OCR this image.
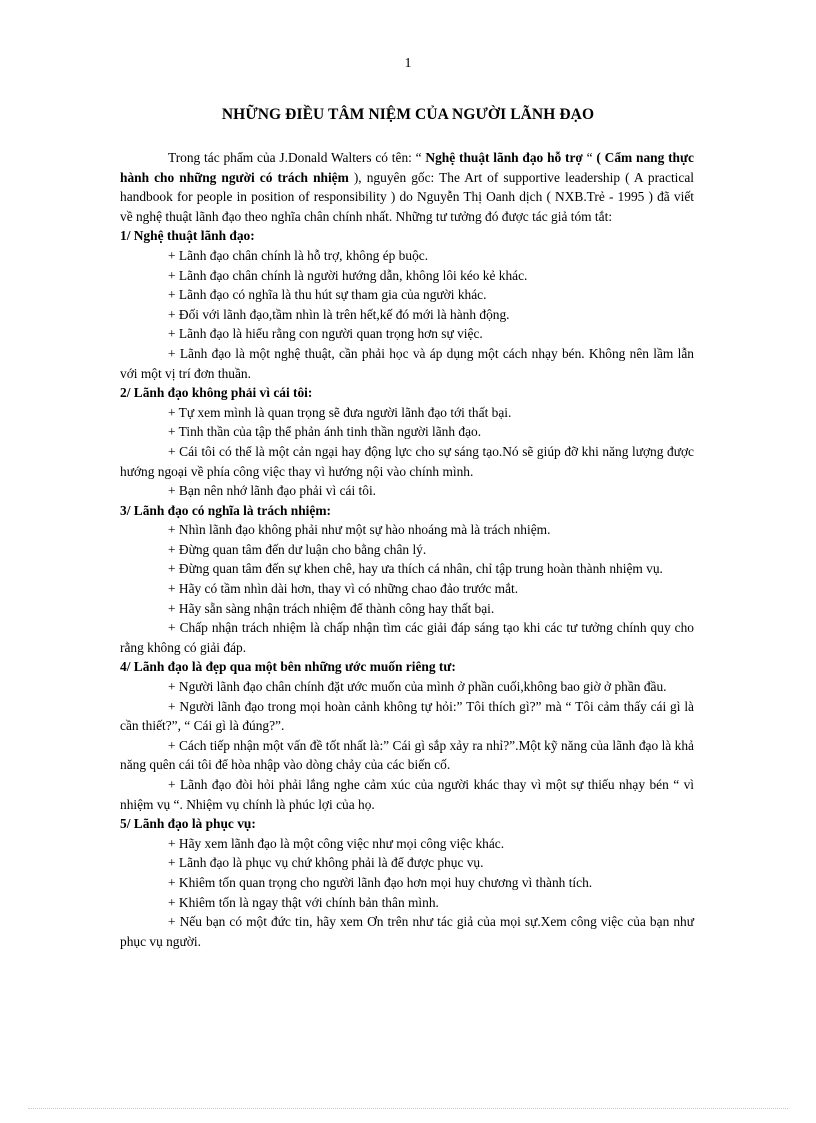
1
NHỮNG ĐIỀU TÂM NIỆM CỦA NGƯỜI LÃNH ĐẠO

Trong tác phẩm của J.Donald Walters có tên: “ Nghệ thuật lãnh đạo hỗ trợ “ ( Cẩm nang thực hành cho những người có trách nhiệm ), nguyên gốc: The Art of supportive leadership ( A practical handbook for people in position of responsibility ) do Nguyễn Thị Oanh dịch ( NXB.Trẻ - 1995 ) đã viết về nghệ thuật lãnh đạo theo nghĩa chân chính nhất. Những tư tưởng đó được tác giả tóm tắt:

1/ Nghệ thuật lãnh đạo:

+ Lãnh đạo chân chính là hỗ trợ, không ép buộc.

+ Lãnh đạo chân chính là người hướng dẫn, không lôi kéo kẻ khác.

+ Lãnh đạo có nghĩa là thu hút sự tham gia của người khác.

+ Đối với lãnh đạo,tầm nhìn là trên hết,kế đó mới là hành động.

+ Lãnh đạo là hiểu rằng con người quan trọng hơn sự việc.

+ Lãnh đạo là một nghệ thuật, cần phải học và áp dụng một cách nhạy bén. Không nên lầm lẫn với một vị trí đơn thuần.

2/ Lãnh đạo không phải vì cái tôi:

+ Tự xem mình là quan trọng sẽ đưa người lãnh đạo tới thất bại.

+ Tinh thần của tập thể phản ánh tinh thần người lãnh đạo.

+ Cái tôi có thể là một cản ngại hay động lực cho sự sáng tạo.Nó sẽ giúp đỡ khi năng lượng được hướng ngoại về phía công việc thay vì hướng nội vào chính mình.

+ Bạn nên nhớ lãnh đạo phải vì cái tôi.

3/ Lãnh đạo có nghĩa là trách nhiệm:

+ Nhìn lãnh đạo không phải như một sự hào nhoáng mà là trách nhiệm.

+ Đừng quan tâm đến dư luận cho bằng chân lý.

+ Đừng quan tâm đến sự khen chê, hay ưa thích cá nhân, chỉ tập trung hoàn thành nhiệm vụ.

+ Hãy có tầm nhìn dài hơn, thay vì có những chao đảo trước mắt.

+ Hãy sẵn sàng nhận trách nhiệm để thành công hay thất bại.

+ Chấp nhận trách nhiệm là chấp nhận tìm các giải đáp sáng tạo khi các tư tưởng chính quy cho rằng không có giải đáp.

4/ Lãnh đạo là đẹp qua một bên những ước muốn riêng tư:

+ Người lãnh đạo chân chính đặt ước muốn của mình ở phần cuối,không bao giờ ở phần đầu.

+ Người lãnh đạo trong mọi hoàn cảnh không tự hỏi:” Tôi thích gì?” mà “ Tôi cảm thấy cái gì là cần thiết?”, “ Cái gì là đúng?”.

+ Cách tiếp nhận một vấn đề tốt nhất là:” Cái gì sắp xảy ra nhỉ?”.Một kỹ năng của lãnh đạo là khả năng quên cái tôi để hòa nhập vào dòng chảy của các biến cố.

+ Lãnh đạo đòi hỏi phải lắng nghe cảm xúc của người khác thay vì một sự thiếu nhạy bén “ vì nhiệm vụ “. Nhiệm vụ chính là phúc lợi của họ.

5/ Lãnh đạo là phục vụ:

+ Hãy xem lãnh đạo là một công việc như mọi công việc khác.

+ Lãnh đạo là phục vụ chứ không phải là để được phục vụ.

+ Khiêm tốn quan trọng cho người lãnh đạo hơn mọi huy chương vì thành tích.

+ Khiêm tốn là ngay thật với chính bản thân mình.

+ Nếu bạn có một đức tin, hãy xem Ơn trên như tác giả của mọi sự.Xem công việc của bạn như phục vụ người.
